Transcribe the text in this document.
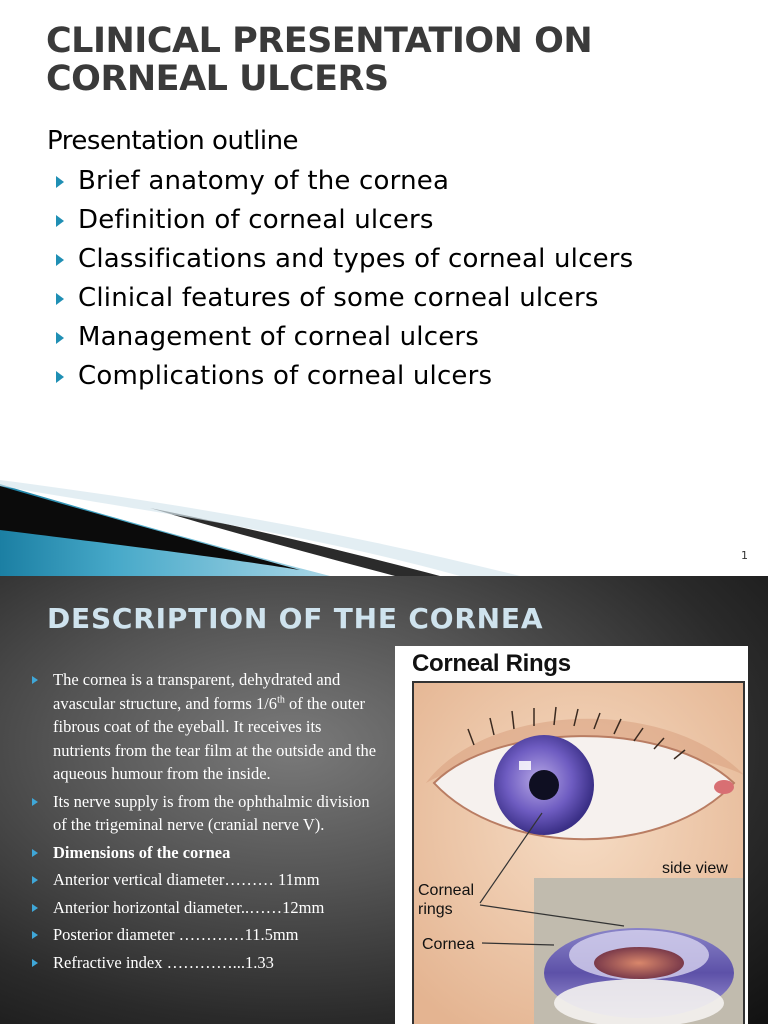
CLINICAL PRESENTATION ON
CORNEAL ULCERS
Presentation outline
Brief anatomy of the cornea
Definition of corneal ulcers
Classifications and types of corneal ulcers
Clinical features of some corneal ulcers
Management of corneal ulcers
Complications of corneal ulcers
1
DESCRIPTION OF THE CORNEA
The cornea is a transparent, dehydrated and avascular structure, and forms 1/6th of the outer fibrous coat of the eyeball. It receives its nutrients from the tear film at the outside and the aqueous humour from the inside.
Its nerve supply is from the ophthalmic division of the trigeminal nerve (cranial nerve V).
Dimensions of the cornea
Anterior vertical diameter……… 11mm
Anterior horizontal diameter..……12mm
Posterior diameter …………11.5mm
Refractive index …………...1.33
Corneal Rings
side view
Corneal
rings
Cornea
